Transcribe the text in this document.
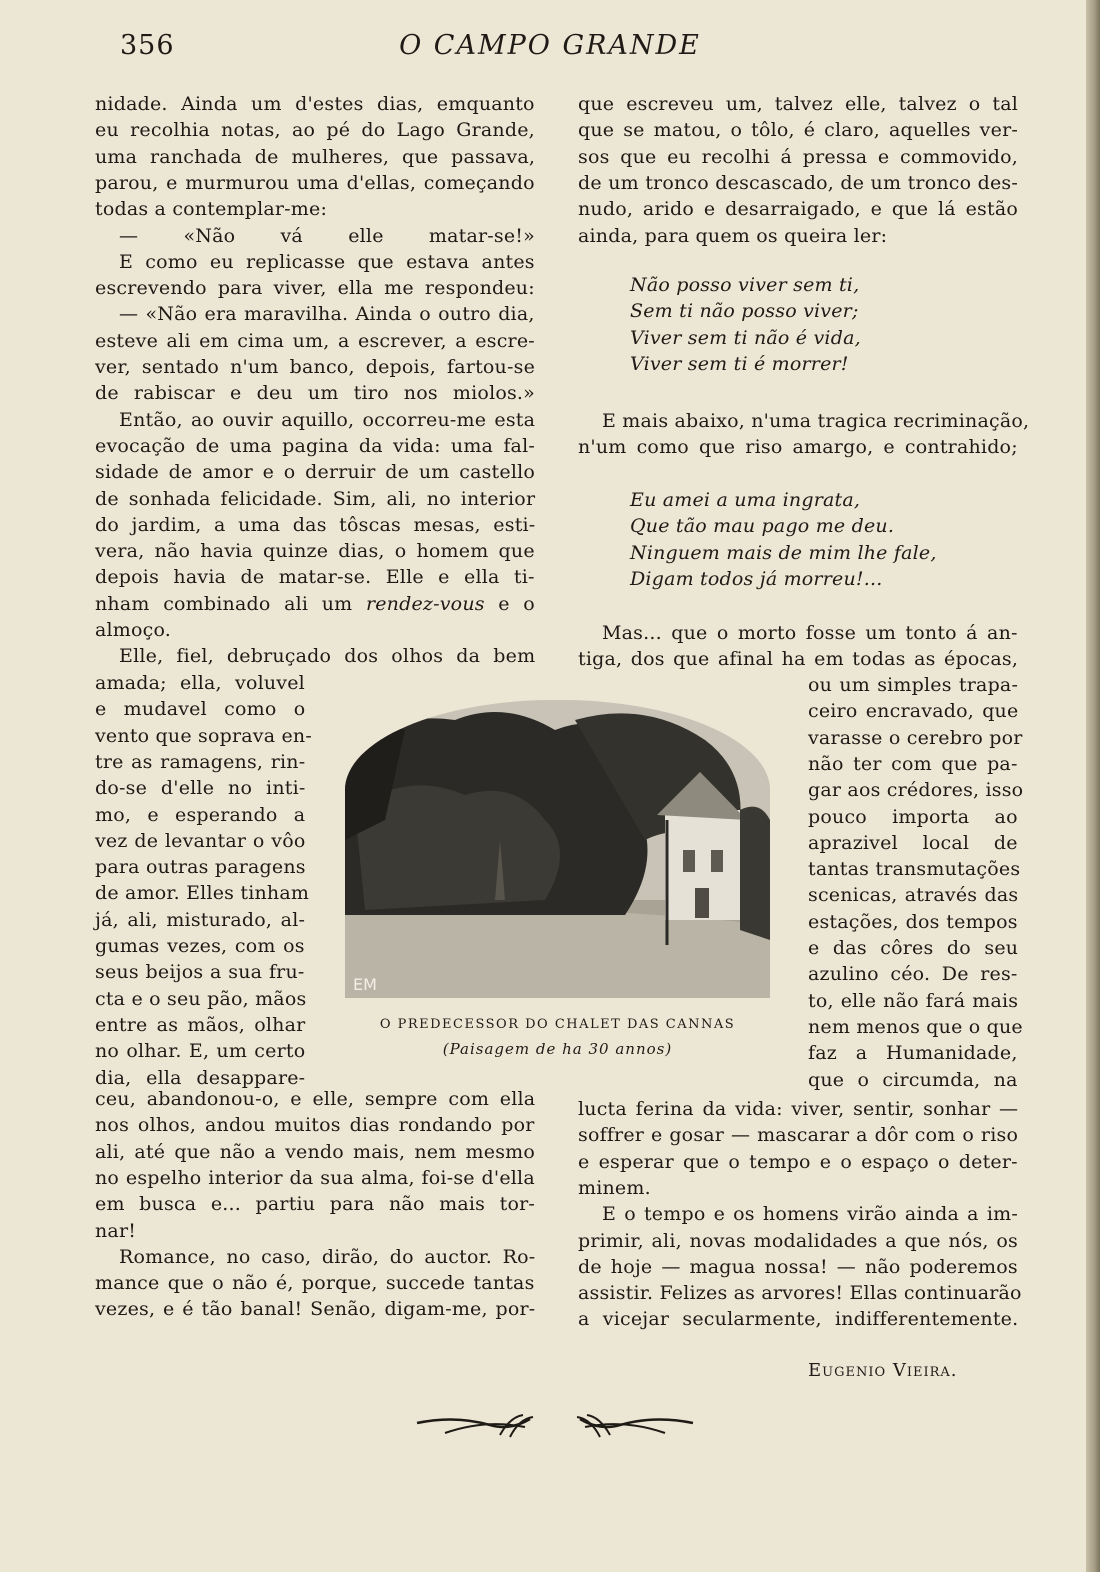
356	O CAMPO GRANDE
nidade. Ainda um d'estes dias, emquanto
eu recolhia notas, ao pé do Lago Grande,
uma ranchada de mulheres, que passava,
parou, e murmurou uma d'ellas, começando
todas a contemplar-me:
— «Não vá elle matar-se!»
E como eu replicasse que estava antes
escrevendo para viver, ella me respondeu:
— «Não era maravilha. Ainda o outro dia,
esteve ali em cima um, a escrever, a escre-
ver, sentado n'um banco, depois, fartou-se
de rabiscar e deu um tiro nos miolos.»
Então, ao ouvir aquillo, occorreu-me esta
evocação de uma pagina da vida: uma fal-
sidade de amor e o derruir de um castello
de sonhada felicidade. Sim, ali, no interior
do jardim, a uma das tôscas mesas, esti-
vera, não havia quinze dias, o homem que
depois havia de matar-se. Elle e ella ti-
nham combinado ali um rendez-vous e o
almoço.
Elle, fiel, debruçado dos olhos da bem
amada; ella, voluvel
e mudavel como o
vento que soprava en-
tre as ramagens, rin-
do-se d'elle no inti-
mo, e esperando a
vez de levantar o vôo
para outras paragens
de amor. Elles tinham
já, ali, misturado, al-
gumas vezes, com os
seus beijos a sua fru-
cta e o seu pão, mãos
entre as mãos, olhar
no olhar. E, um certo
dia, ella desappare-
ceu, abandonou-o, e elle, sempre com ella
nos olhos, andou muitos dias rondando por
ali, até que não a vendo mais, nem mesmo
no espelho interior da sua alma, foi-se d'ella
em busca e... partiu para não mais tor-
nar!
Romance, no caso, dirão, do auctor. Ro-
mance que o não é, porque, succede tantas
vezes, e é tão banal! Senão, digam-me, por-
que escreveu um, talvez elle, talvez o tal
que se matou, o tôlo, é claro, aquelles ver-
sos que eu recolhi á pressa e commovido,
de um tronco descascado, de um tronco des-
nudo, arido e desarraigado, e que lá estão
ainda, para quem os queira ler:
Não posso viver sem ti,
Sem ti não posso viver;
Viver sem ti não é vida,
Viver sem ti é morrer!
E mais abaixo, n'uma tragica recriminação,
n'um como que riso amargo, e contrahido;
Eu amei a uma ingrata,
Que tão mau pago me deu.
Ninguem mais de mim lhe fale,
Digam todos já morreu!...
Mas... que o morto fosse um tonto á an-
tiga, dos que afinal ha em todas as épocas,
ou um simples trapa-
ceiro encravado, que
varasse o cerebro por
não ter com que pa-
gar aos crédores, isso
pouco importa ao
aprazivel local de
tantas transmutações
scenicas, através das
estações, dos tempos
e das côres do seu
azulino céo. De res-
to, elle não fará mais
nem menos que o que
faz a Humanidade,
que o circumda, na
lucta ferina da vida: viver, sentir, sonhar —
soffrer e gosar — mascarar a dôr com o riso
e esperar que o tempo e o espaço o deter-
minem.
E o tempo e os homens virão ainda a im-
primir, ali, novas modalidades a que nós, os
de hoje — magua nossa! — não poderemos
assistir. Felizes as arvores! Ellas continuarão
a vicejar secularmente, indifferentemente.
EM
O PREDECESSOR DO CHALET DAS CANNAS
(Paisagem de ha 30 annos)
Eugenio Vieira.
